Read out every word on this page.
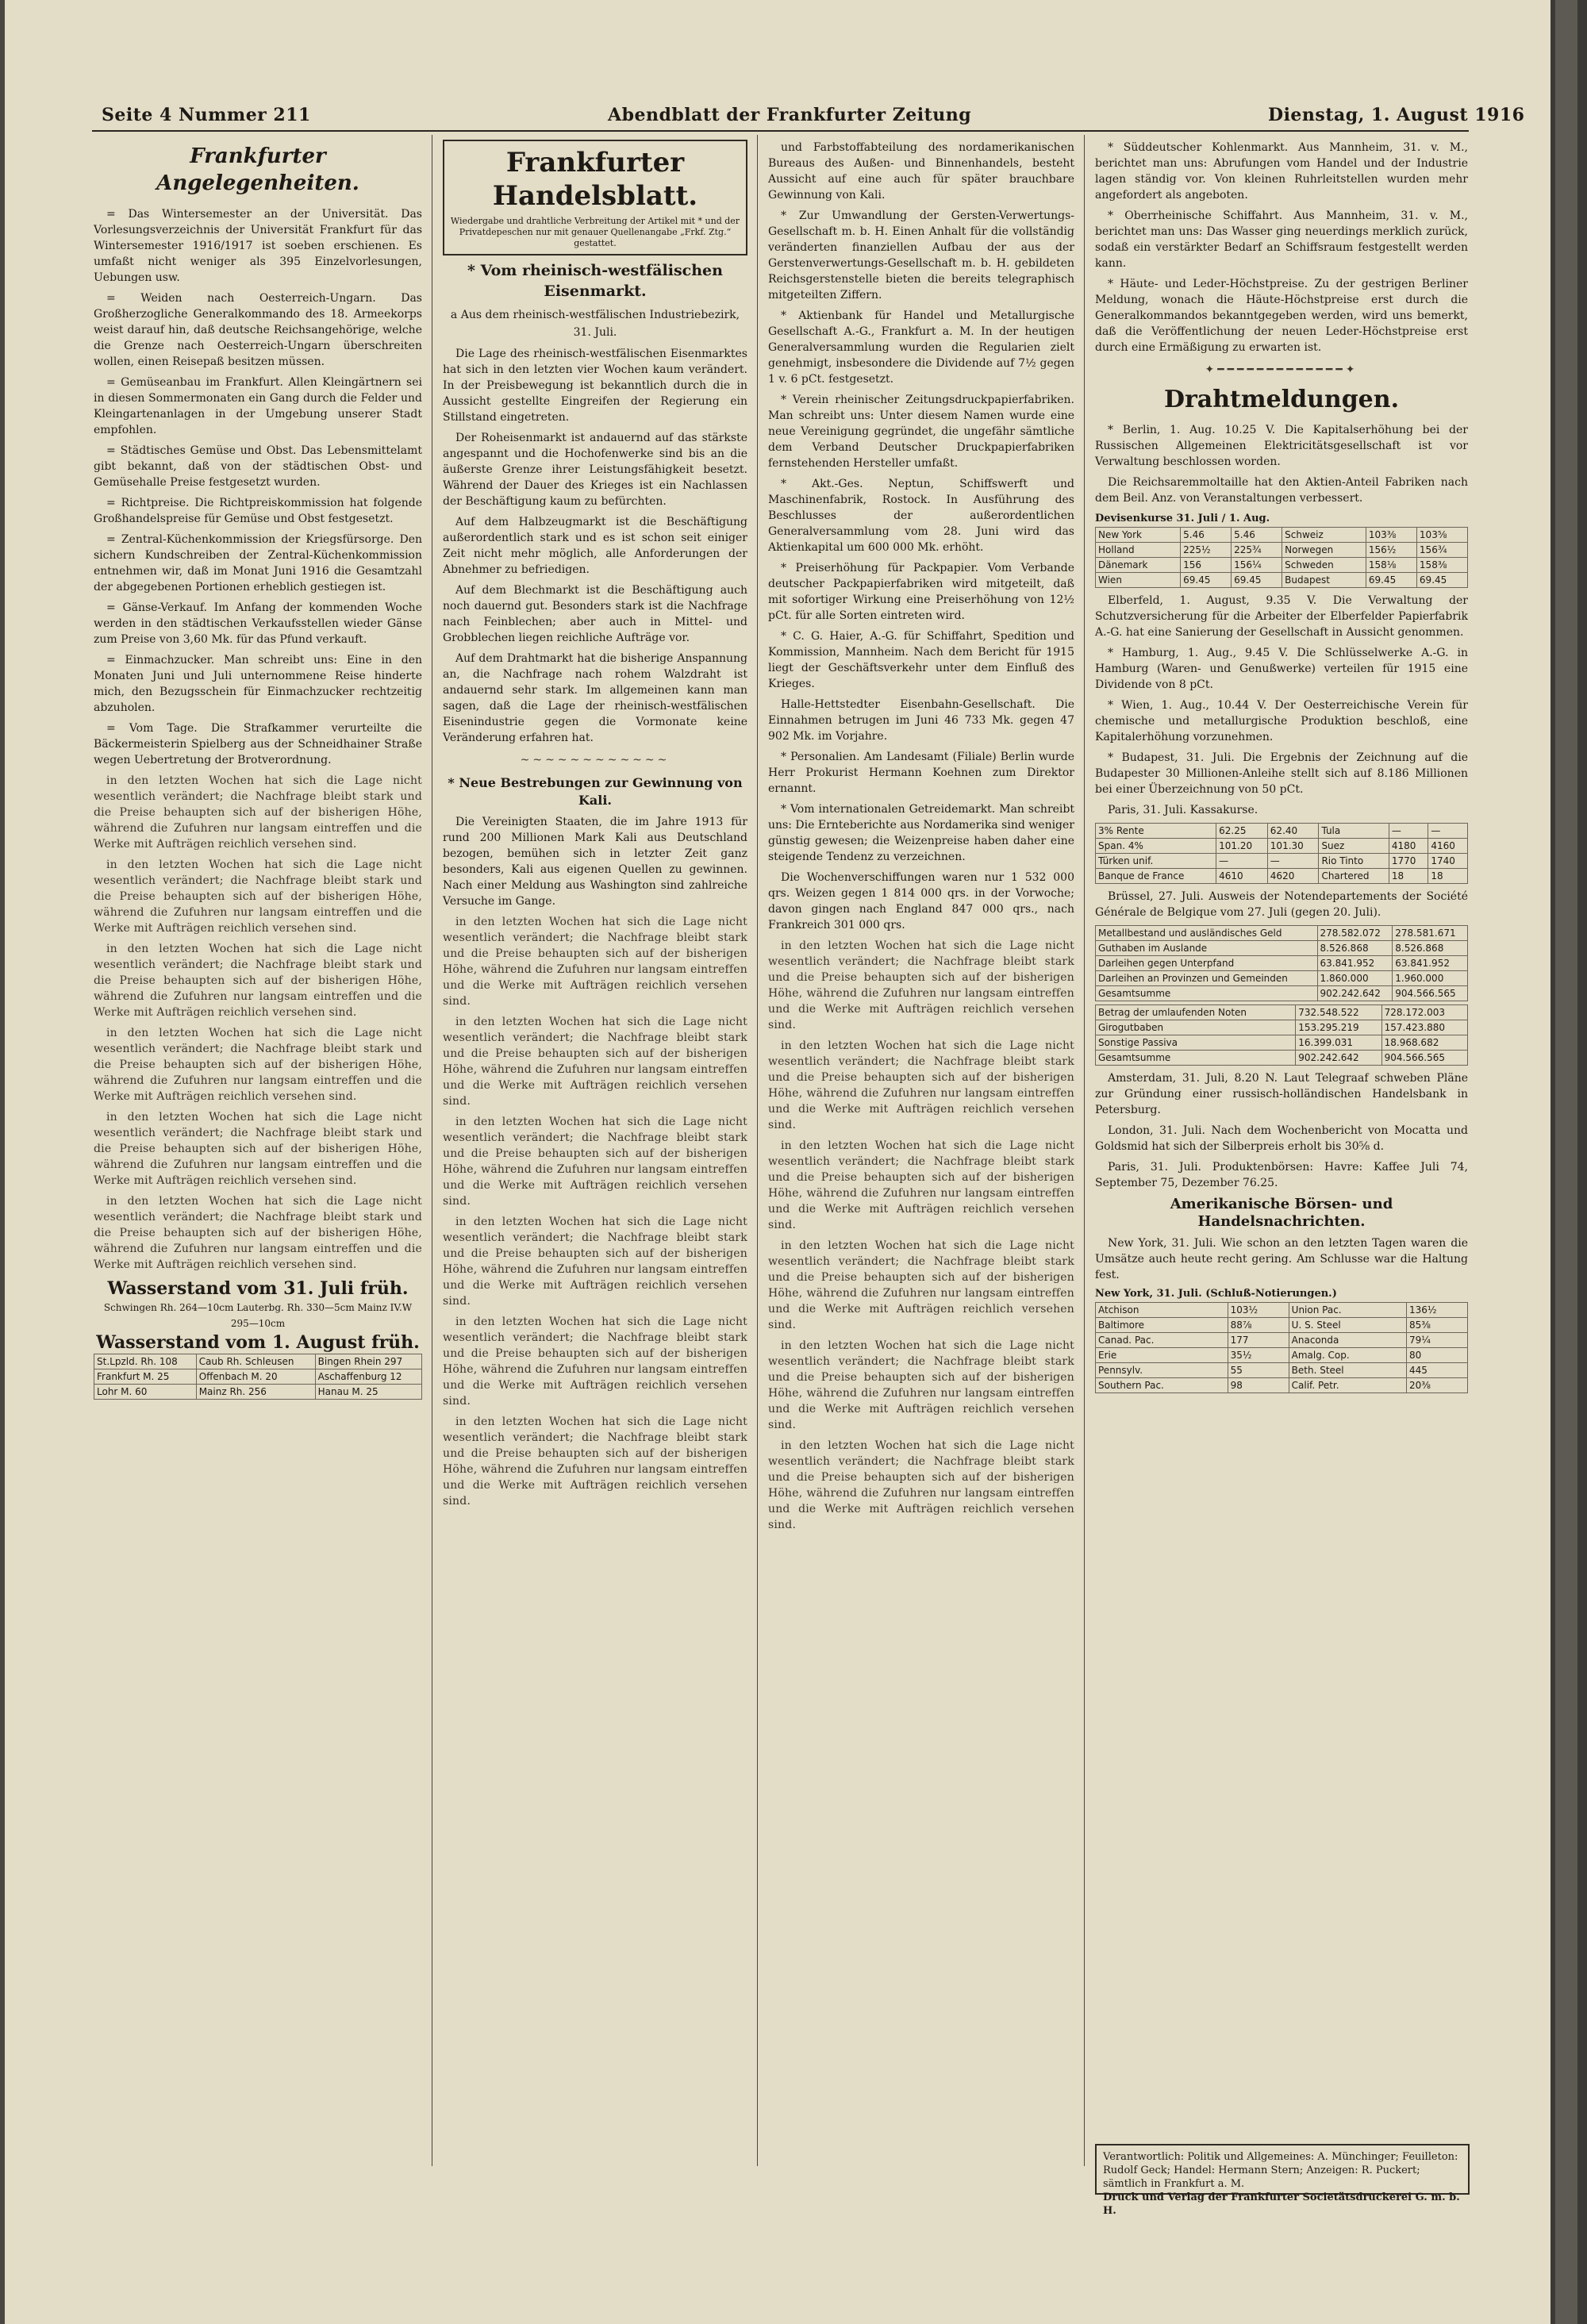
Seite 4 Nummer 211	Abendblatt der Frankfurter Zeitung	Dienstag, 1. August 1916
Frankfurter Angelegenheiten.

= Das Wintersemester an der Universität. Das Vorlesungsverzeichnis der Universität Frankfurt für das Wintersemester 1916/1917 ist soeben erschienen. Es umfaßt nicht weniger als 395 Einzelvorlesungen, Uebungen usw.

= Weiden nach Oesterreich-Ungarn. Das Großherzogliche Generalkommando des 18. Armeekorps weist darauf hin, daß deutsche Reichsangehörige, welche die Grenze nach Oesterreich-Ungarn überschreiten wollen, einen Reisepaß besitzen müssen.

= Gemüseanbau im Frankfurt. Allen Kleingärtnern sei in diesen Sommermonaten ein Gang durch die Felder und Kleingartenanlagen in der Umgebung unserer Stadt empfohlen.

= Städtisches Gemüse und Obst. Das Lebensmittelamt gibt bekannt, daß von der städtischen Obst- und Gemüsehalle Preise festgesetzt wurden.

= Richtpreise. Die Richtpreiskommission hat folgende Großhandelspreise für Gemüse und Obst festgesetzt.

= Zentral-Küchenkommission der Kriegsfürsorge. Den sichern Kundschreiben der Zentral-Küchenkommission entnehmen wir, daß im Monat Juni 1916 die Gesamtzahl der abgegebenen Portionen erheblich gestiegen ist.

= Gänse-Verkauf. Im Anfang der kommenden Woche werden in den städtischen Verkaufsstellen wieder Gänse zum Preise von 3,60 Mk. für das Pfund verkauft.

= Einmachzucker. Man schreibt uns: Eine in den Monaten Juni und Juli unternommene Reise hinderte mich, den Bezugsschein für Einmachzucker rechtzeitig abzuholen.

= Vom Tage. Die Strafkammer verurteilte die Bäckermeisterin Spielberg aus der Schneidhainer Straße wegen Uebertretung der Brotverordnung.

in den letzten Wochen hat sich die Lage nicht wesentlich verändert; die Nachfrage bleibt stark und die Preise behaupten sich auf der bisherigen Höhe, während die Zufuhren nur langsam eintreffen und die Werke mit Aufträgen reichlich versehen sind.

in den letzten Wochen hat sich die Lage nicht wesentlich verändert; die Nachfrage bleibt stark und die Preise behaupten sich auf der bisherigen Höhe, während die Zufuhren nur langsam eintreffen und die Werke mit Aufträgen reichlich versehen sind.

in den letzten Wochen hat sich die Lage nicht wesentlich verändert; die Nachfrage bleibt stark und die Preise behaupten sich auf der bisherigen Höhe, während die Zufuhren nur langsam eintreffen und die Werke mit Aufträgen reichlich versehen sind.

in den letzten Wochen hat sich die Lage nicht wesentlich verändert; die Nachfrage bleibt stark und die Preise behaupten sich auf der bisherigen Höhe, während die Zufuhren nur langsam eintreffen und die Werke mit Aufträgen reichlich versehen sind.

in den letzten Wochen hat sich die Lage nicht wesentlich verändert; die Nachfrage bleibt stark und die Preise behaupten sich auf der bisherigen Höhe, während die Zufuhren nur langsam eintreffen und die Werke mit Aufträgen reichlich versehen sind.

in den letzten Wochen hat sich die Lage nicht wesentlich verändert; die Nachfrage bleibt stark und die Preise behaupten sich auf der bisherigen Höhe, während die Zufuhren nur langsam eintreffen und die Werke mit Aufträgen reichlich versehen sind.

Wasserstand vom 31. Juli früh.
Schwingen Rh. 264—10cm Lauterbg. Rh. 330—5cm Mainz IV.W 295—10cm
Wasserstand vom 1. August früh.
St.Lpzld. Rh. 108	Caub Rh. Schleusen	Bingen Rhein 297
Frankfurt M. 25	Offenbach M. 20	Aschaffenburg 12
Lohr M. 60	Mainz Rh. 256	Hanau M. 25
Frankfurter Handelsblatt.
Wiedergabe und drahtliche Verbreitung der Artikel mit * und der Privatdepeschen nur mit genauer Quellenangabe „Frkf. Ztg.“ gestattet.
* Vom rheinisch-westfälischen Eisenmarkt.
a Aus dem rheinisch-westfälischen Industriebezirk, 31. Juli.

Die Lage des rheinisch-westfälischen Eisenmarktes hat sich in den letzten vier Wochen kaum verändert. In der Preisbewegung ist bekanntlich durch die in Aussicht gestellte Eingreifen der Regierung ein Stillstand eingetreten.

Der Roheisenmarkt ist andauernd auf das stärkste angespannt und die Hochofenwerke sind bis an die äußerste Grenze ihrer Leistungsfähigkeit besetzt. Während der Dauer des Krieges ist ein Nachlassen der Beschäftigung kaum zu befürchten.

Auf dem Halbzeugmarkt ist die Beschäftigung außerordentlich stark und es ist schon seit einiger Zeit nicht mehr möglich, alle Anforderungen der Abnehmer zu befriedigen.

Auf dem Blechmarkt ist die Beschäftigung auch noch dauernd gut. Besonders stark ist die Nachfrage nach Feinblechen; aber auch in Mittel- und Grobblechen liegen reichliche Aufträge vor.

Auf dem Drahtmarkt hat die bisherige Anspannung an, die Nachfrage nach rohem Walzdraht ist andauernd sehr stark. Im allgemeinen kann man sagen, daß die Lage der rheinisch-westfälischen Eisenindustrie gegen die Vormonate keine Veränderung erfahren hat.

~~~~~~~~~~~~
* Neue Bestrebungen zur Gewinnung von Kali.

Die Vereinigten Staaten, die im Jahre 1913 für rund 200 Millionen Mark Kali aus Deutschland bezogen, bemühen sich in letzter Zeit ganz besonders, Kali aus eigenen Quellen zu gewinnen. Nach einer Meldung aus Washington sind zahlreiche Versuche im Gange.

in den letzten Wochen hat sich die Lage nicht wesentlich verändert; die Nachfrage bleibt stark und die Preise behaupten sich auf der bisherigen Höhe, während die Zufuhren nur langsam eintreffen und die Werke mit Aufträgen reichlich versehen sind.

in den letzten Wochen hat sich die Lage nicht wesentlich verändert; die Nachfrage bleibt stark und die Preise behaupten sich auf der bisherigen Höhe, während die Zufuhren nur langsam eintreffen und die Werke mit Aufträgen reichlich versehen sind.

in den letzten Wochen hat sich die Lage nicht wesentlich verändert; die Nachfrage bleibt stark und die Preise behaupten sich auf der bisherigen Höhe, während die Zufuhren nur langsam eintreffen und die Werke mit Aufträgen reichlich versehen sind.

in den letzten Wochen hat sich die Lage nicht wesentlich verändert; die Nachfrage bleibt stark und die Preise behaupten sich auf der bisherigen Höhe, während die Zufuhren nur langsam eintreffen und die Werke mit Aufträgen reichlich versehen sind.

in den letzten Wochen hat sich die Lage nicht wesentlich verändert; die Nachfrage bleibt stark und die Preise behaupten sich auf der bisherigen Höhe, während die Zufuhren nur langsam eintreffen und die Werke mit Aufträgen reichlich versehen sind.

in den letzten Wochen hat sich die Lage nicht wesentlich verändert; die Nachfrage bleibt stark und die Preise behaupten sich auf der bisherigen Höhe, während die Zufuhren nur langsam eintreffen und die Werke mit Aufträgen reichlich versehen sind.

und Farbstoffabteilung des nordamerikanischen Bureaus des Außen- und Binnenhandels, besteht Aussicht auf eine auch für später brauchbare Gewinnung von Kali.

* Zur Umwandlung der Gersten-Verwertungs-Gesellschaft m. b. H. Einen Anhalt für die vollständig veränderten finanziellen Aufbau der aus der Gerstenverwertungs-Gesellschaft m. b. H. gebildeten Reichsgerstenstelle bieten die bereits telegraphisch mitgeteilten Ziffern.

* Aktienbank für Handel und Metallurgische Gesellschaft A.-G., Frankfurt a. M. In der heutigen Generalversammlung wurden die Regularien zielt genehmigt, insbesondere die Dividende auf 7½ gegen 1 v. 6 pCt. festgesetzt.

* Verein rheinischer Zeitungsdruckpapierfabriken. Man schreibt uns: Unter diesem Namen wurde eine neue Vereinigung gegründet, die ungefähr sämtliche dem Verband Deutscher Druckpapierfabriken fernstehenden Hersteller umfaßt.

* Akt.-Ges. Neptun, Schiffswerft und Maschinenfabrik, Rostock. In Ausführung des Beschlusses der außerordentlichen Generalversammlung vom 28. Juni wird das Aktienkapital um 600 000 Mk. erhöht.

* Preiserhöhung für Packpapier. Vom Verbande deutscher Packpapierfabriken wird mitgeteilt, daß mit sofortiger Wirkung eine Preiserhöhung von 12½ pCt. für alle Sorten eintreten wird.

* C. G. Haier, A.-G. für Schiffahrt, Spedition und Kommission, Mannheim. Nach dem Bericht für 1915 liegt der Geschäftsverkehr unter dem Einfluß des Krieges.

Halle-Hettstedter Eisenbahn-Gesellschaft. Die Einnahmen betrugen im Juni 46 733 Mk. gegen 47 902 Mk. im Vorjahre.

* Personalien. Am Landesamt (Filiale) Berlin wurde Herr Prokurist Hermann Koehnen zum Direktor ernannt.

* Vom internationalen Getreidemarkt. Man schreibt uns: Die Ernteberichte aus Nordamerika sind weniger günstig gewesen; die Weizenpreise haben daher eine steigende Tendenz zu verzeichnen.

Die Wochenverschiffungen waren nur 1 532 000 qrs. Weizen gegen 1 814 000 qrs. in der Vorwoche; davon gingen nach England 847 000 qrs., nach Frankreich 301 000 qrs.

in den letzten Wochen hat sich die Lage nicht wesentlich verändert; die Nachfrage bleibt stark und die Preise behaupten sich auf der bisherigen Höhe, während die Zufuhren nur langsam eintreffen und die Werke mit Aufträgen reichlich versehen sind.

in den letzten Wochen hat sich die Lage nicht wesentlich verändert; die Nachfrage bleibt stark und die Preise behaupten sich auf der bisherigen Höhe, während die Zufuhren nur langsam eintreffen und die Werke mit Aufträgen reichlich versehen sind.

in den letzten Wochen hat sich die Lage nicht wesentlich verändert; die Nachfrage bleibt stark und die Preise behaupten sich auf der bisherigen Höhe, während die Zufuhren nur langsam eintreffen und die Werke mit Aufträgen reichlich versehen sind.

in den letzten Wochen hat sich die Lage nicht wesentlich verändert; die Nachfrage bleibt stark und die Preise behaupten sich auf der bisherigen Höhe, während die Zufuhren nur langsam eintreffen und die Werke mit Aufträgen reichlich versehen sind.

in den letzten Wochen hat sich die Lage nicht wesentlich verändert; die Nachfrage bleibt stark und die Preise behaupten sich auf der bisherigen Höhe, während die Zufuhren nur langsam eintreffen und die Werke mit Aufträgen reichlich versehen sind.

in den letzten Wochen hat sich die Lage nicht wesentlich verändert; die Nachfrage bleibt stark und die Preise behaupten sich auf der bisherigen Höhe, während die Zufuhren nur langsam eintreffen und die Werke mit Aufträgen reichlich versehen sind.

* Süddeutscher Kohlenmarkt. Aus Mannheim, 31. v. M., berichtet man uns: Abrufungen vom Handel und der Industrie lagen ständig vor. Von kleinen Ruhrleitstellen wurden mehr angefordert als angeboten.

* Oberrheinische Schiffahrt. Aus Mannheim, 31. v. M., berichtet man uns: Das Wasser ging neuerdings merklich zurück, sodaß ein verstärkter Bedarf an Schiffsraum festgestellt werden kann.

* Häute- und Leder-Höchstpreise. Zu der gestrigen Berliner Meldung, wonach die Häute-Höchstpreise erst durch die Generalkommandos bekanntgegeben werden, wird uns bemerkt, daß die Veröffentlichung der neuen Leder-Höchstpreise erst durch eine Ermäßigung zu erwarten ist.

✦━━━━━━━━━━━━━✦
Drahtmeldungen.

* Berlin, 1. Aug. 10.25 V. Die Kapitalserhöhung bei der Russischen Allgemeinen Elektricitätsgesellschaft ist vor Verwaltung beschlossen worden.

Die Reichsaremmoltaille hat den Aktien-Anteil Fabriken nach dem Beil. Anz. von Veranstaltungen verbessert.

Devisenkurse 31. Juli / 1. Aug.
New York	5.46	5.46	Schweiz	103⅜	103⅝
Holland	225½	225¾	Norwegen	156½	156¾
Dänemark	156	156¼	Schweden	158⅛	158⅜
Wien	69.45	69.45	Budapest	69.45	69.45

Elberfeld, 1. August, 9.35 V. Die Verwaltung der Schutzversicherung für die Arbeiter der Elberfelder Papierfabrik A.-G. hat eine Sanierung der Gesellschaft in Aussicht genommen.

* Hamburg, 1. Aug., 9.45 V. Die Schlüsselwerke A.-G. in Hamburg (Waren- und Genußwerke) verteilen für 1915 eine Dividende von 8 pCt.

* Wien, 1. Aug., 10.44 V. Der Oesterreichische Verein für chemische und metallurgische Produktion beschloß, eine Kapitalerhöhung vorzunehmen.

* Budapest, 31. Juli. Die Ergebnis der Zeichnung auf die Budapester 30 Millionen-Anleihe stellt sich auf 8.186 Millionen bei einer Überzeichnung von 50 pCt.

Paris, 31. Juli. Kassakurse.

3% Rente	62.25	62.40	Tula	—	—
Span. 4%	101.20	101.30	Suez	4180	4160
Türken unif.	—	—	Rio Tinto	1770	1740
Banque de France	4610	4620	Chartered	18	18

Brüssel, 27. Juli. Ausweis der Notendepartements der Société Générale de Belgique vom 27. Juli (gegen 20. Juli).

Metallbestand und ausländisches Geld	278.582.072	278.581.671
Guthaben im Auslande	8.526.868	8.526.868
Darleihen gegen Unterpfand	63.841.952	63.841.952
Darleihen an Provinzen und Gemeinden	1.860.000	1.960.000
Gesamtsumme	902.242.642	904.566.565
Betrag der umlaufenden Noten	732.548.522	728.172.003
Girogutbaben	153.295.219	157.423.880
Sonstige Passiva	16.399.031	18.968.682
Gesamtsumme	902.242.642	904.566.565

Amsterdam, 31. Juli, 8.20 N. Laut Telegraaf schweben Pläne zur Gründung einer russisch-holländischen Handelsbank in Petersburg.

London, 31. Juli. Nach dem Wochenbericht von Mocatta und Goldsmid hat sich der Silberpreis erholt bis 30⅝ d.

Paris, 31. Juli. Produktenbörsen: Havre: Kaffee Juli 74, September 75, Dezember 76.25.

Amerikanische Börsen- und Handelsnachrichten.

New York, 31. Juli. Wie schon an den letzten Tagen waren die Umsätze auch heute recht gering. Am Schlusse war die Haltung fest.

New York, 31. Juli. (Schluß-Notierungen.)
Atchison	103½	Union Pac.	136½
Baltimore	88⅞	U. S. Steel	85⅜
Canad. Pac.	177	Anaconda	79¼
Erie	35½	Amalg. Cop.	80
Pennsylv.	55	Beth. Steel	445
Southern Pac.	98	Calif. Petr.	20⅜
Verantwortlich: Politik und Allgemeines: A. Münchinger; Feuilleton: Rudolf Geck; Handel: Hermann Stern; Anzeigen: R. Puckert; sämtlich in Frankfurt a. M.
Druck und Verlag der Frankfurter Societätsdruckerei G. m. b. H.
